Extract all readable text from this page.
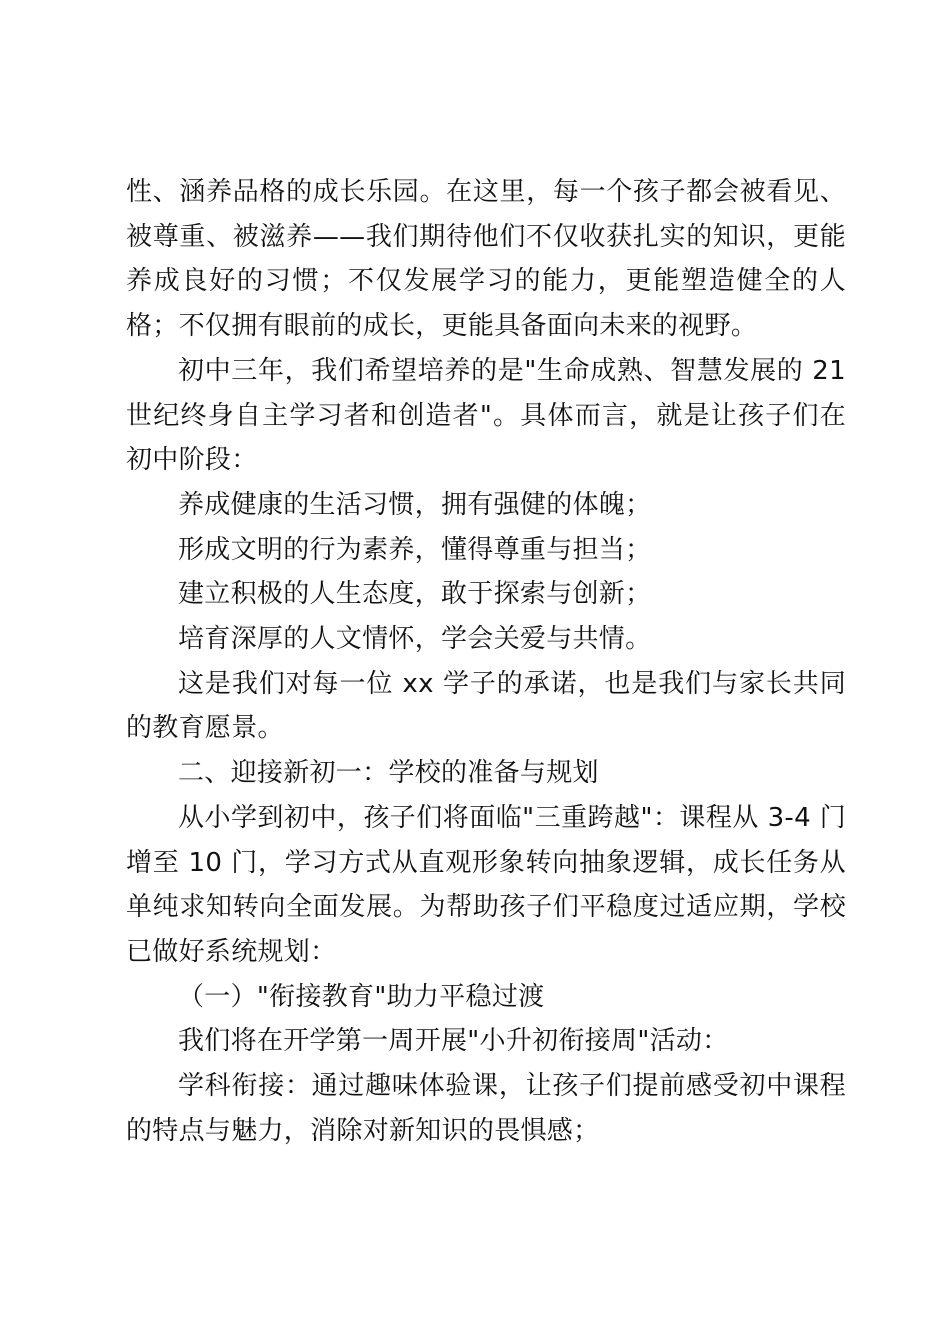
性、涵养品格的成长乐园。在这里，每一个孩子都会被看见、被尊重、被滋养——我们期待他们不仅收获扎实的知识，更能养成良好的习惯；不仅发展学习的能力，更能塑造健全的人格；不仅拥有眼前的成长，更能具备面向未来的视野。

初中三年，我们希望培养的是"生命成熟、智慧发展的 21 世纪终身自主学习者和创造者"。具体而言，就是让孩子们在初中阶段：

养成健康的生活习惯，拥有强健的体魄；

形成文明的行为素养，懂得尊重与担当；

建立积极的人生态度，敢于探索与创新；

培育深厚的人文情怀，学会关爱与共情。

这是我们对每一位 xx 学子的承诺，也是我们与家长共同的教育愿景。

二、迎接新初一：学校的准备与规划

从小学到初中，孩子们将面临"三重跨越"：课程从 3-4 门增至 10 门，学习方式从直观形象转向抽象逻辑，成长任务从单纯求知转向全面发展。为帮助孩子们平稳度过适应期，学校已做好系统规划：

（一）"衔接教育"助力平稳过渡

我们将在开学第一周开展"小升初衔接周"活动：

学科衔接：通过趣味体验课，让孩子们提前感受初中课程的特点与魅力，消除对新知识的畏惧感；
